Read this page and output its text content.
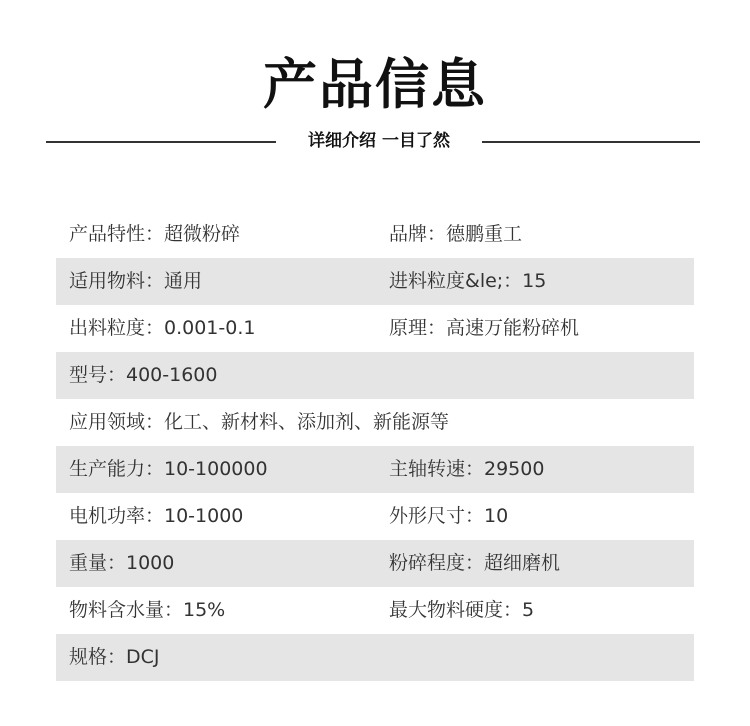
产品信息
详细介绍 一目了然
产品特性：超微粉碎	品牌：德鹏重工
适用物料：通用	进料粒度&le;：15
出料粒度：0.001-0.1	原理：高速万能粉碎机
型号：400-1600
应用领域：化工、新材料、添加剂、新能源等
生产能力：10-100000	主轴转速：29500
电机功率：10-1000	外形尺寸：10
重量：1000	粉碎程度：超细磨机
物料含水量：15%	最大物料硬度：5
规格：DCJ
